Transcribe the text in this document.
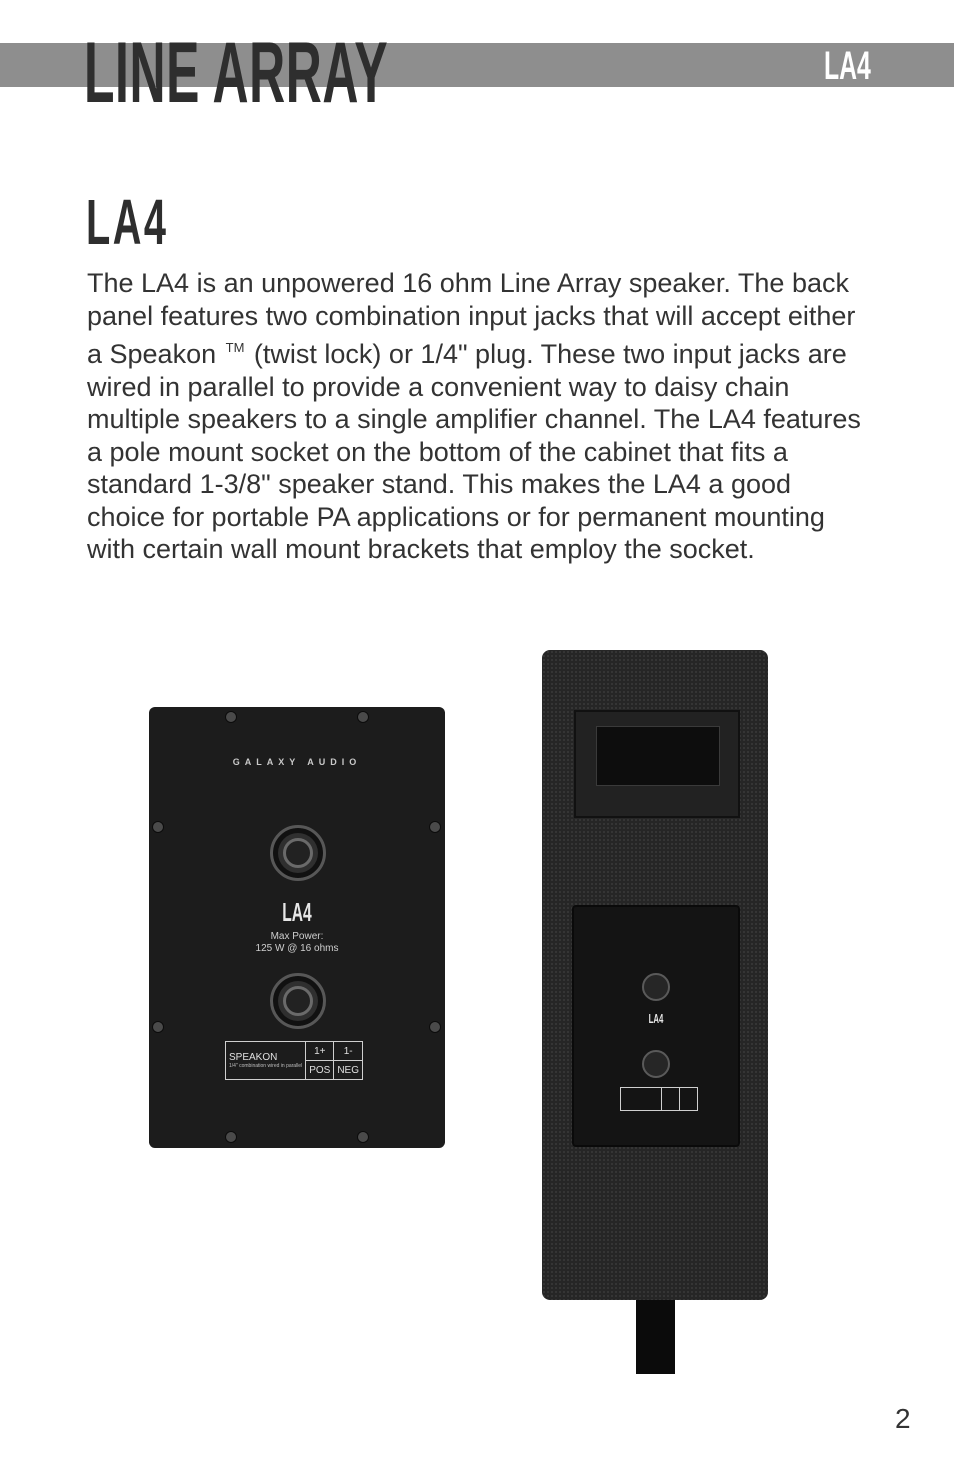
LINE ARRAY	LA4
LA4

The LA4 is an unpowered 16 ohm Line Array speaker. The back panel features two combination input jacks that will accept either a Speakon ™ (twist lock) or 1/4" plug. These two input jacks are wired in parallel to provide a convenient way to daisy chain multiple speakers to a single amplifier channel. The LA4 features a pole mount socket on the bottom of the cabinet that fits a standard 1-3/8" speaker stand. This makes the LA4 a good choice for portable PA applications or for permanent mounting with certain wall mount brackets that employ the socket.

GALAXY AUDIO
LA4
Max Power:
125 W @ 16 ohms
SPEAKON
1/4" combination wired in parallel	1+	1-
	POS	NEG
LA4
2
